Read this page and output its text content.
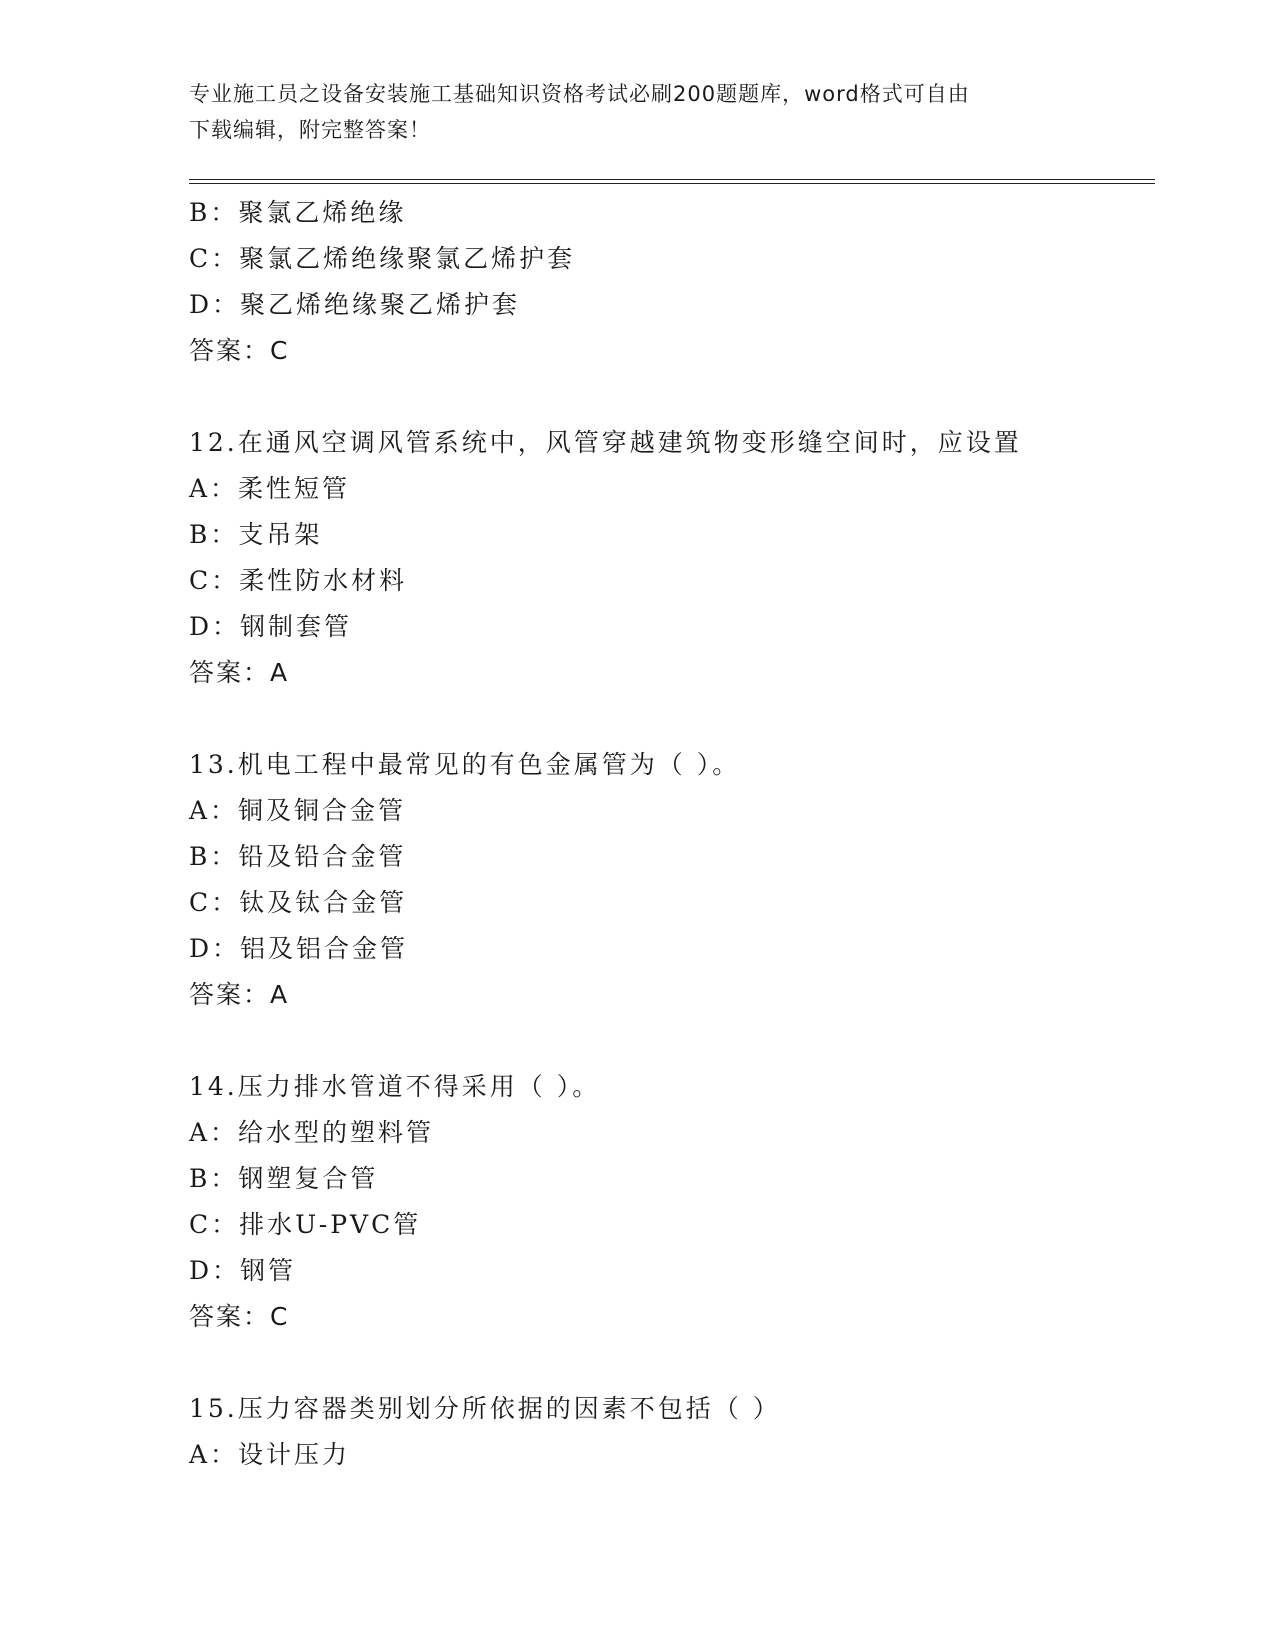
专业施工员之设备安装施工基础知识资格考试必刷200题题库，word格式可自由
下载编辑，附完整答案！
B：聚氯乙烯绝缘
C：聚氯乙烯绝缘聚氯乙烯护套
D：聚乙烯绝缘聚乙烯护套
答案：C
12.在通风空调风管系统中，风管穿越建筑物变形缝空间时，应设置
A：柔性短管
B：支吊架
C：柔性防水材料
D：钢制套管
答案：A
13.机电工程中最常见的有色金属管为（ ）。
A：铜及铜合金管
B：铅及铅合金管
C：钛及钛合金管
D：铝及铝合金管
答案：A
14.压力排水管道不得采用（ ）。
A：给水型的塑料管
B：钢塑复合管
C：排水U-PVC管
D：钢管
答案：C
15.压力容器类别划分所依据的因素不包括（ ）
A：设计压力
